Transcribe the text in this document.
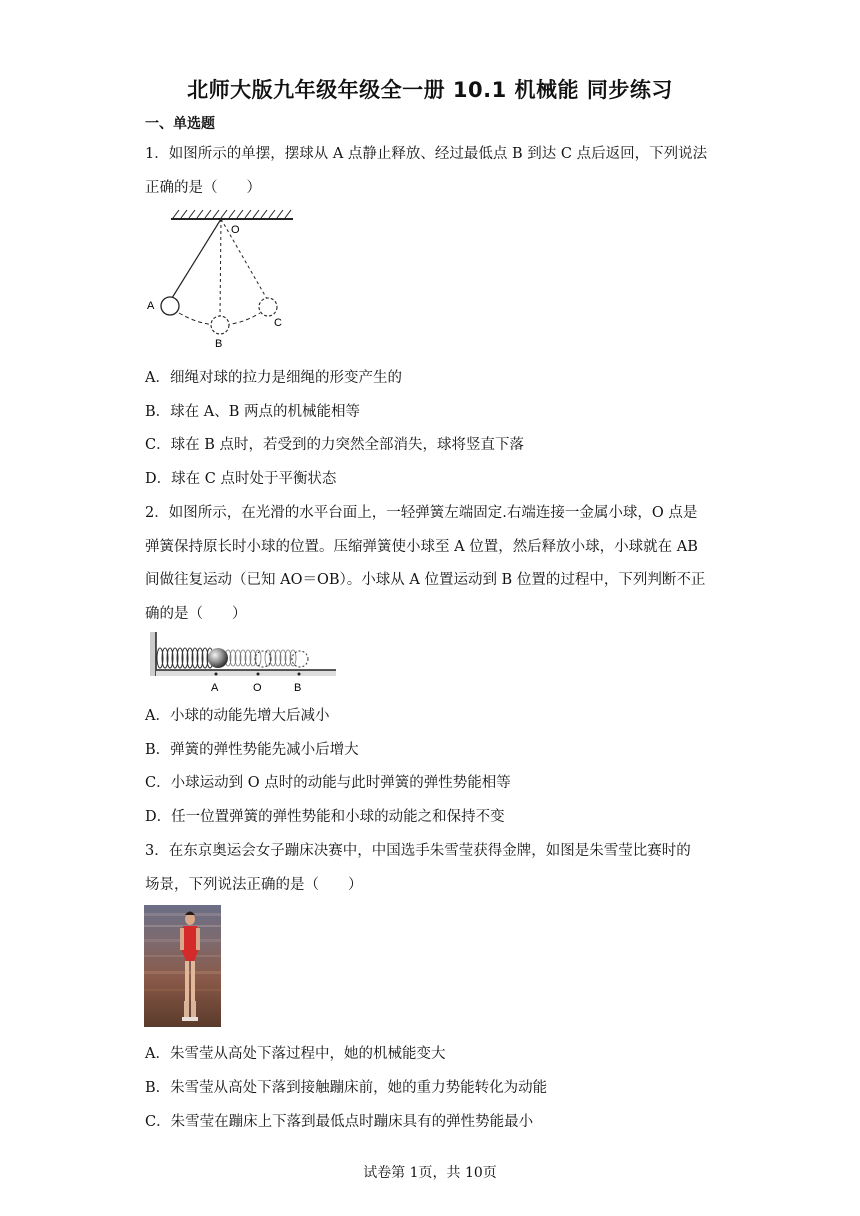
北师大版九年级年级全一册 10.1 机械能 同步练习
一、单选题
1．如图所示的单摆，摆球从 A 点静止释放、经过最低点 B 到达 C 点后返回，下列说法
正确的是（　　）
O
A
B
C
A．细绳对球的拉力是细绳的形变产生的
B．球在 A、B 两点的机械能相等
C．球在 B 点时，若受到的力突然全部消失，球将竖直下落
D．球在 C 点时处于平衡状态
2．如图所示，在光滑的水平台面上，一轻弹簧左端固定.右端连接一金属小球，O 点是
弹簧保持原长时小球的位置。压缩弹簧使小球至 A 位置，然后释放小球，小球就在 AB
间做往复运动（已知 AO＝OB）。小球从 A 位置运动到 B 位置的过程中，下列判断不正
确的是（　　）
A	O	B
A．小球的动能先增大后减小
B．弹簧的弹性势能先减小后增大
C．小球运动到 O 点时的动能与此时弹簧的弹性势能相等
D．任一位置弹簧的弹性势能和小球的动能之和保持不变
3．在东京奥运会女子蹦床决赛中，中国选手朱雪莹获得金牌，如图是朱雪莹比赛时的
场景，下列说法正确的是（　　）
A．朱雪莹从高处下落过程中，她的机械能变大
B．朱雪莹从高处下落到接触蹦床前，她的重力势能转化为动能
C．朱雪莹在蹦床上下落到最低点时蹦床具有的弹性势能最小
试卷第 1页，共 10页
